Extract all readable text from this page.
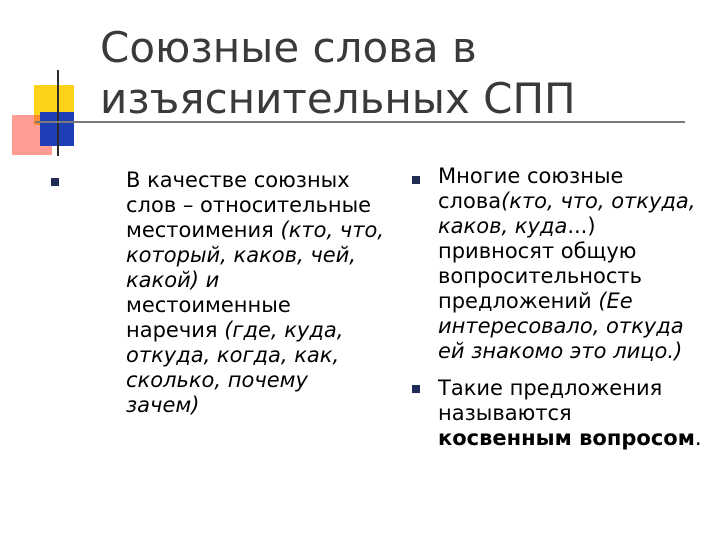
Союзные слова в
изъяснительных СПП
В качестве союзных слов – относительные местоимения (кто, что, который, каков, чей, какой) и местоименные наречия (где, куда, откуда, когда, как, сколько, почему зачем)
Многие союзные слова(кто, что, откуда, каков, куда...) привносят общую вопросительность предложений (Ее интересовало, откуда ей знакомо это лицо.)
Такие предложения называются косвенным вопросом.
